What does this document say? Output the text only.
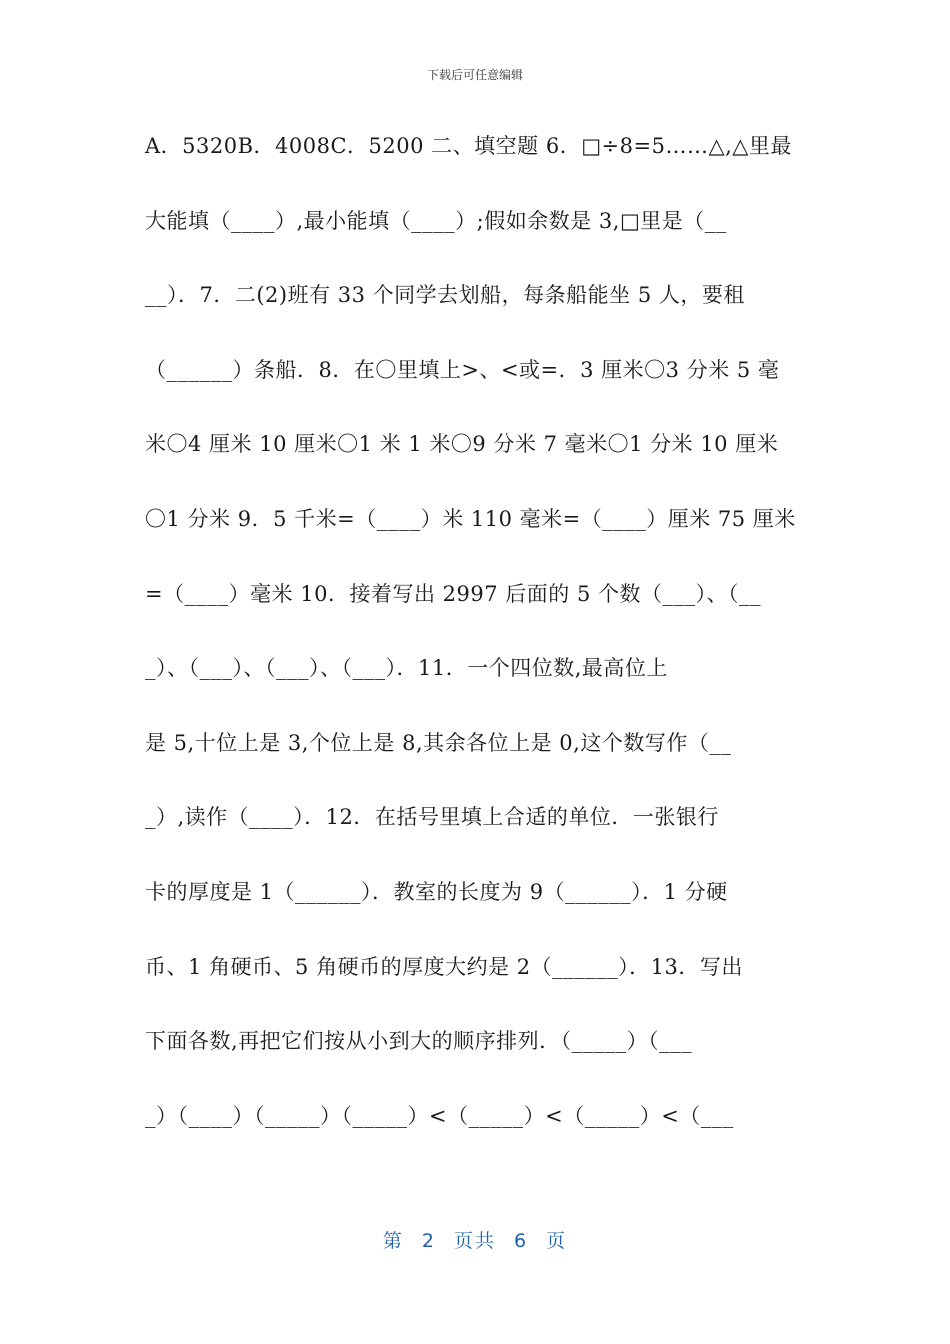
下载后可任意编辑
A．5320B．4008C．5200 二、填空题 6．□÷8=5……△,△里最
大能填（____）,最小能填（____）;假如余数是 3,□里是（__
__）．7．二(2)班有 33 个同学去划船，每条船能坐 5 人，要租
（______）条船．8．在〇里填上>、<或=．3 厘米〇3 分米 5 毫
米〇4 厘米 10 厘米〇1 米 1 米〇9 分米 7 毫米〇1 分米 10 厘米
〇1 分米 9．5 千米=（____）米 110 毫米=（____）厘米 75 厘米
=（____）毫米 10．接着写出 2997 后面的 5 个数（___）、（__
_）、（___）、（___）、（___）．11．一个四位数,最高位上
是 5,十位上是 3,个位上是 8,其余各位上是 0,这个数写作（__
_）,读作（____）．12．在括号里填上合适的单位．一张银行
卡的厚度是 1（______）．教室的长度为 9（______）．1 分硬
币、1 角硬币、5 角硬币的厚度大约是 2（______）．13．写出
下面各数,再把它们按从小到大的顺序排列．（_____）（___
_）（____）（_____）（_____）<（_____）<（_____）<（___
第 2 页共 6 页
